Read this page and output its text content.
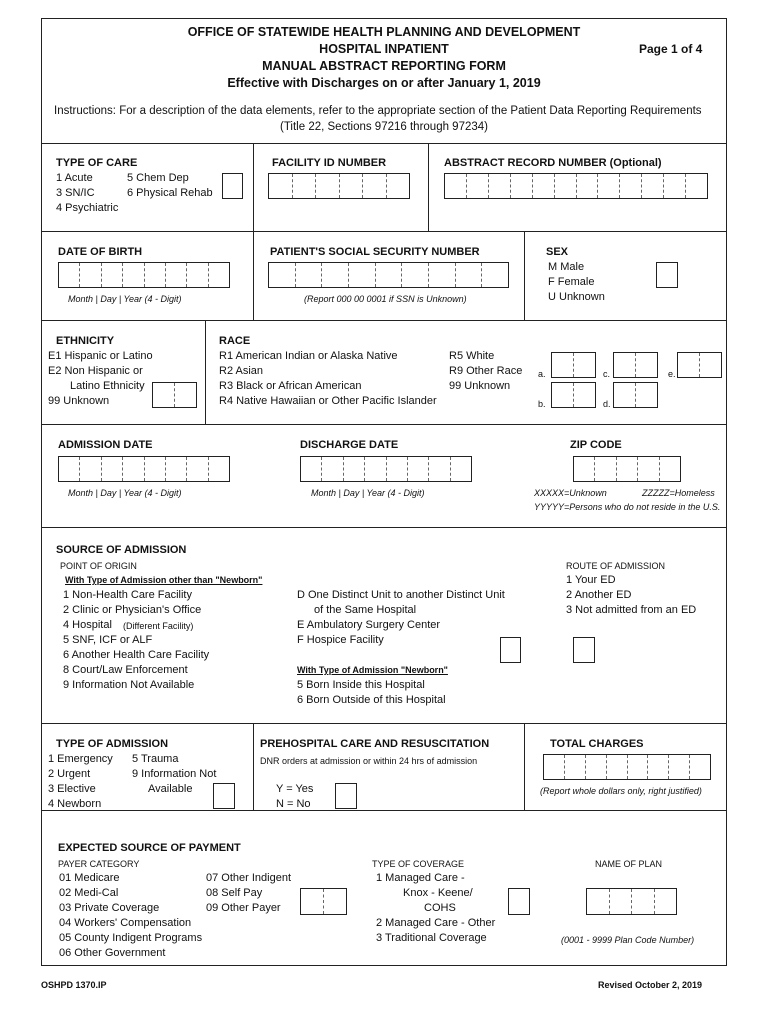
OFFICE OF STATEWIDE HEALTH PLANNING AND DEVELOPMENT
HOSPITAL INPATIENT	Page 1 of 4
MANUAL ABSTRACT REPORTING FORM
Effective with Discharges on or after January 1, 2019
Instructions: For a description of the data elements, refer to the appropriate section of the Patient Data Reporting Requirements
(Title 22, Sections 97216 through 97234)
TYPE OF CARE
1 Acute	5 Chem Dep
3 SN/IC	6 Physical Rehab
4 Psychiatric
FACILITY ID NUMBER	ABSTRACT RECORD NUMBER (Optional)
DATE OF BIRTH
Month | Day | Year (4 - Digit)
PATIENT'S SOCIAL SECURITY NUMBER
(Report 000 00 0001 if SSN is Unknown)
SEX
M Male
F Female
U Unknown
ETHNICITY
E1 Hispanic or Latino
E2 Non Hispanic or
Latino Ethnicity
99 Unknown
RACE
R1 American Indian or Alaska Native
R2 Asian
R3 Black or African American
R4 Native Hawaiian or Other Pacific Islander
R5 White
R9 Other Race
99 Unknown
a.	c.	e.
b.	d.
ADMISSION DATE
Month | Day | Year (4 - Digit)
DISCHARGE DATE
Month | Day | Year (4 - Digit)
ZIP CODE
XXXXX=Unknown	ZZZZZ=Homeless
YYYYY=Persons who do not reside in the U.S.
SOURCE OF ADMISSION
POINT OF ORIGIN
With Type of Admission other than "Newborn"
1 Non-Health Care Facility
2 Clinic or Physician's Office
4 Hospital (Different Facility)
5 SNF, ICF or ALF
6 Another Health Care Facility
8 Court/Law Enforcement
9 Information Not Available
D One Distinct Unit to another Distinct Unit
of the Same Hospital
E Ambulatory Surgery Center
F Hospice Facility
With Type of Admission "Newborn"
5 Born Inside this Hospital
6 Born Outside of this Hospital
ROUTE OF ADMISSION
1 Your ED
2 Another ED
3 Not admitted from an ED
TYPE OF ADMISSION
1 Emergency 5 Trauma
2 Urgent	9 Information Not
3 Elective	Available
4 Newborn
PREHOSPITAL CARE AND RESUSCITATION
DNR orders at admission or within 24 hrs of admission
Y = Yes
N = No
TOTAL CHARGES
(Report whole dollars only, right justified)
EXPECTED SOURCE OF PAYMENT
PAYER CATEGORY
01 Medicare
02 Medi-Cal
03 Private Coverage
04 Workers' Compensation
05 County Indigent Programs
06 Other Government
07 Other Indigent
08 Self Pay
09 Other Payer
TYPE OF COVERAGE
1 Managed Care -
Knox - Keene/
COHS
2 Managed Care - Other
3 Traditional Coverage
NAME OF PLAN
(0001 - 9999 Plan Code Number)
OSHPD 1370.IP	Revised October 2, 2019
